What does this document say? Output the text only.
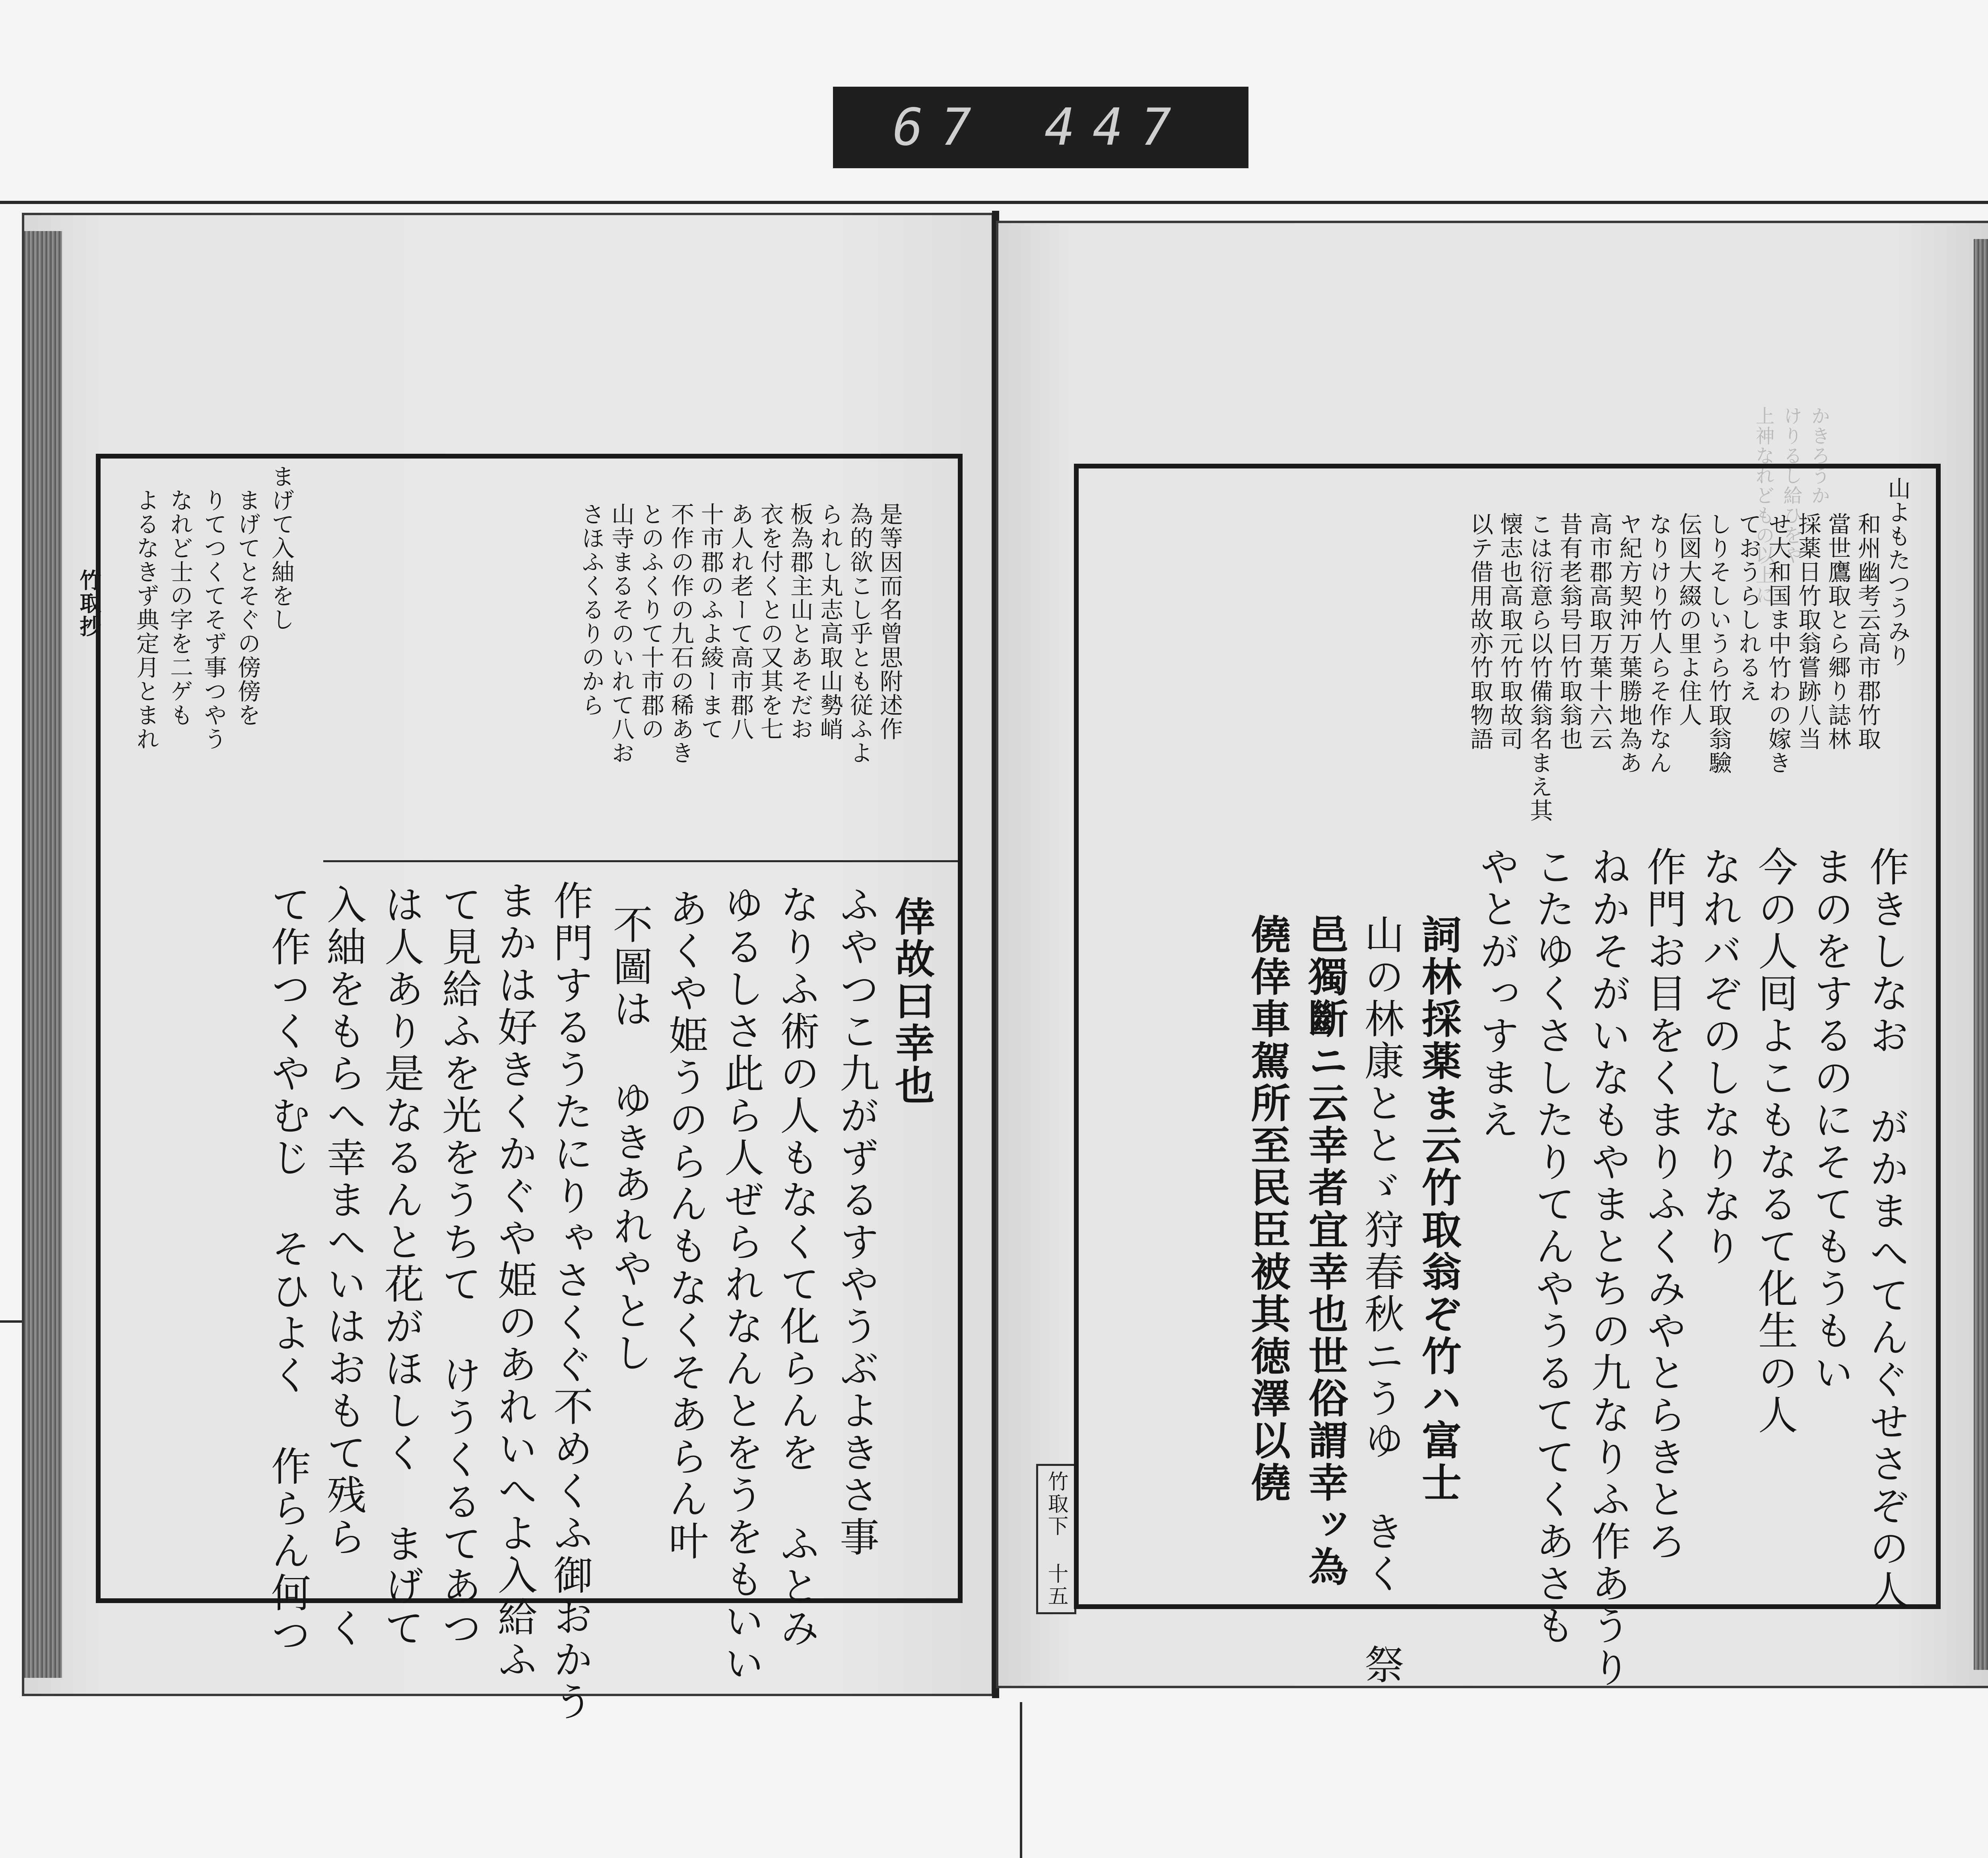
67 447
竹取抄	是等因而名曾思附述作
為的欲こし乎とも従ふよ
られし丸志高取山勢峭
板為郡主山とあそだお
衣を付くとの又其を七
あ人れ老ーて高市郡八
十市郡のふよ綾ーまて
不作の作の九石の稀あき
とのふくりて十市郡の
山寺まるそのいれて八お
さほふくるりのから
まげて入紬をし
まげてとそぐの傍傍を
りてつくてそず事つやう
なれど士の字を二ゲも
よるなきず典定月とまれ
倖故曰幸也
ふやつこ九がずるすやうぶよきさ事
なりふ術の人もなくて化らんを ふとみ
ゆるしさ此ら人ぜられなんとをうをもいい
あくや姫うのらんもなくそあらん叶
不圖は ゆきあれやとし
作門するうたにりゃさくぐ不めくふ御おかう
まかは好きくかぐや姫のあれいへよ入給ふ
て見給ふを光をうちて けうくるてあつ
は人あり是なるんと花がほしく まげて
入紬をもらへ幸まへいはおもて残ら く
て作つくやむじ そひよく 作らん何つ
かきろうか
けりるし給ひをや
上神なれどもの以上に
竹取下 十五
山よもたつうみり
和州幽考云高市郡竹取
當世鷹取とら郷り誌林
採薬日竹取翁嘗跡八当
せ大和国ま中竹わの嫁き
ておうらしれるえ
しりそしいうら竹取翁驗
伝図大綴の里よ住人
なりけり竹人らそ作なん
ヤ紀方契沖万葉勝地為あ
高市郡高取万葉十六云
昔有老翁号曰竹取翁也
こは衍意ら以竹備翁名まえ其
懐志也高取元竹取故司
以テ借用故亦竹取物語
作きしなお がかまへてんぐせさぞの人
まのをするのにそてもうもい
今の人囘よこもなるて化生の人
なれバぞのしなりなり
作門お目をくまりふくみやとらきとろ
ねかそがいなもやまとちの九なりふ作あうり
こたゆくさしたりてんやうるててくあさも
やとがっすまえ
詞林採薬ま云竹取翁ぞ竹ハ富士
山の林康ととゞ狩春秋ニうゆ きく 祭
邑獨斷ニ云幸者宜幸也世俗謂幸ッ為
僥倖車駕所至民臣被其徳澤以僥
